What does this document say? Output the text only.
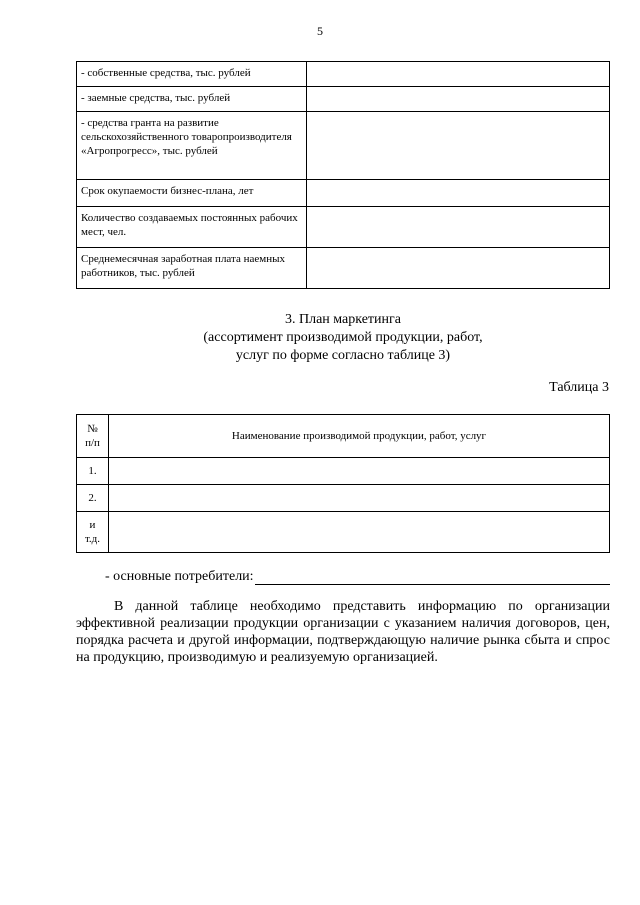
5
- собственные средства, тыс. рублей	
- заемные средства, тыс. рублей	
- средства гранта на развитие сельскохозяйственного товаропроизводителя «Агропрогресс», тыс. рублей	
Срок окупаемости бизнес-плана, лет	
Количество создаваемых постоянных рабочих мест, чел.	
Среднемесячная заработная плата наемных работников, тыс. рублей	
3. План маркетинга
(ассортимент производимой продукции, работ,
услуг по форме согласно таблице 3)
Таблица 3
№
п/п	Наименование производимой продукции, работ, услуг
1.	
2.	

и
т.д.	

- основные потребители:

В данной таблице необходимо представить информацию по организации эффективной реализации продукции организации с указанием наличия договоров, цен, порядка расчета и другой информации, подтверждающую наличие рынка сбыта и спрос на продукцию, производимую и реализуемую организацией.
